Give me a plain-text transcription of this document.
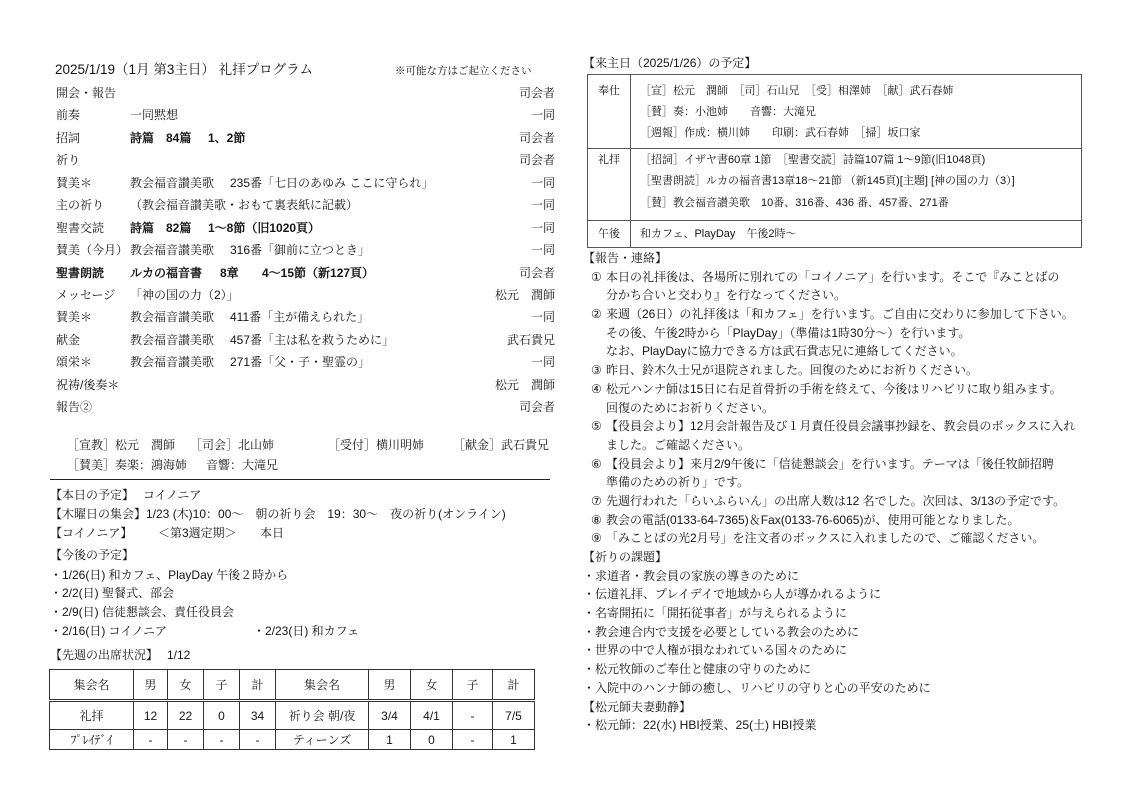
2025/1/19（1月 第3主日） 礼拝プログラム	※可能な方はご起立ください
開会・報告	司会者
前奏	一同黙想	一同
招詞	詩篇　84篇 1、2節	司会者
祈り	司会者
賛美＊	教会福音讃美歌 235番「七日のあゆみ ここに守られ」	一同
主の祈り （教会福音讃美歌・おもて裏表紙に記載）	一同
聖書交読 詩篇　82篇 1～8節（旧1020頁）	一同
賛美（今月） 教会福音讃美歌 316番「御前に立つとき」	一同
聖書朗読 ルカの福音書 8章 4～15節（新127頁）	司会者
メッセージ 「神の国の力（2）」	松元　潤師
賛美＊	教会福音讃美歌 411番「主が備えられた」	一同
献金	教会福音讃美歌 457番「主は私を救うために」	武石貴兄
頌栄＊	教会福音讃美歌 271番「父・子・聖霊の」	一同
祝祷/後奏＊	松元　潤師
報告②	司会者
［宣教］松元　潤師 ［司会］北山姉	［受付］横川明姉 ［献金］武石貴兄
［賛美］奏楽：鴻海姉 音響：大滝兄
【本日の予定】 コイノニア
【木曜日の集会】1/23 (木)10：00～　朝の祈り会　19：30～　夜の祈り(オンライン)
【コイノニア】 ＜第3週定期＞ 本日
【今後の予定】
・1/26(日) 和カフェ、PlayDay 午後２時から
・2/2(日) 聖餐式、部会
・2/9(日) 信徒懇談会、責任役員会
・2/16(日) コイノニア	・2/23(日) 和カフェ
【先週の出席状況】 1/12
集会名	男	女	子	計	集会名	男	女	子	計
礼拝	12	22	0	34	祈り会 朝/夜	3/4	4/1	-	7/5
ﾌﾟﾚｲﾃﾞｲ	-	-	-	-	ティーンズ	1	0	-	1
【来主日（2025/1/26）の予定】
奉仕	［宣］松元　潤師　［司］石山兄　［受］相澤姉　［献］武石春姉
［賛］奏：小池姉　　音響：大滝兄
［週報］作成：横川姉　　印刷：武石春姉　［掃］坂口家
礼拝	［招詞］イザヤ書60章 1節　［聖書交読］詩篇107篇 1～9節(旧1048頁)
［聖書朗読］ルカの福音書13章18～21節 （新145頁)[主題] [神の国の力（3）]
［賛］教会福音讃美歌　10番、316番、436 番、457番、271番
午後	和カフェ、PlayDay　午後2時～
【報告・連絡】
① 本日の礼拝後は、各場所に別れての「コイノニア」を行います。そこで『みことばの
分かち合いと交わり』を行なってください。
② 来週（26日）の礼拝後は「和カフェ」を行います。ご自由に交わりに参加して下さい。
その後、午後2時から「PlayDay」（準備は1時30分～）を行います。
なお、PlayDayに協力できる方は武石貴志兄に連絡してください。
③ 昨日、鈴木久士兄が退院されました。回復のためにお祈りください。
④ 松元ハンナ師は15日に右足首骨折の手術を終えて、今後はリハビリに取り組みます。
回復のためにお祈りください。
⑤ 【役員会より】12月会計報告及び１月責任役員会議事抄録を、教会員のボックスに入れ
ました。ご確認ください。
⑥ 【役員会より】来月2/9午後に「信徒懇談会」を行います。テーマは「後任牧師招聘
準備のための祈り」です。
⑦ 先週行われた「らいふらいん」の出席人数は12 名でした。次回は、3/13の予定です。
⑧ 教会の電話(0133-64-7365)＆Fax(0133-76-6065)が、使用可能となりました。
⑨ 「みことばの光2月号」を注文者のボックスに入れましたので、ご確認ください。
【祈りの課題】
・求道者・教会員の家族の導きのために
・伝道礼拝、プレイデイで地域から人が導かれるように
・名寄開拓に「開拓従事者」が与えられるように
・教会連合内で支援を必要としている教会のために
・世界の中で人権が損なわれている国々のために
・松元牧師のご奉仕と健康の守りのために
・入院中のハンナ師の癒し、リハビリの守りと心の平安のために
【松元師夫妻動静】
・松元師：22(水) HBI授業、25(土) HBI授業
